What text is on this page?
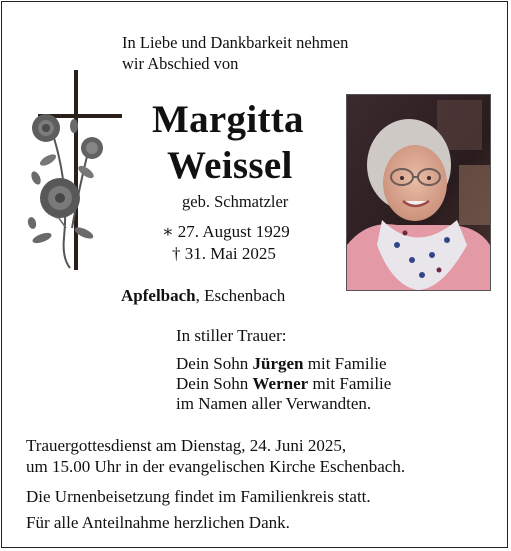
In Liebe und Dankbarkeit nehmen
wir Abschied von
Margitta
Weissel
geb. Schmatzler
∗ 27. August 1929
† 31. Mai 2025
Apfelbach, Eschenbach
In stiller Trauer:
Dein Sohn Jürgen mit Familie
Dein Sohn Werner mit Familie
im Namen aller Verwandten.
Trauergottesdienst am Dienstag, 24. Juni 2025,
um 15.00 Uhr in der evangelischen Kirche Eschenbach.
Die Urnenbeisetzung findet im Familienkreis statt.
Für alle Anteilnahme herzlichen Dank.
